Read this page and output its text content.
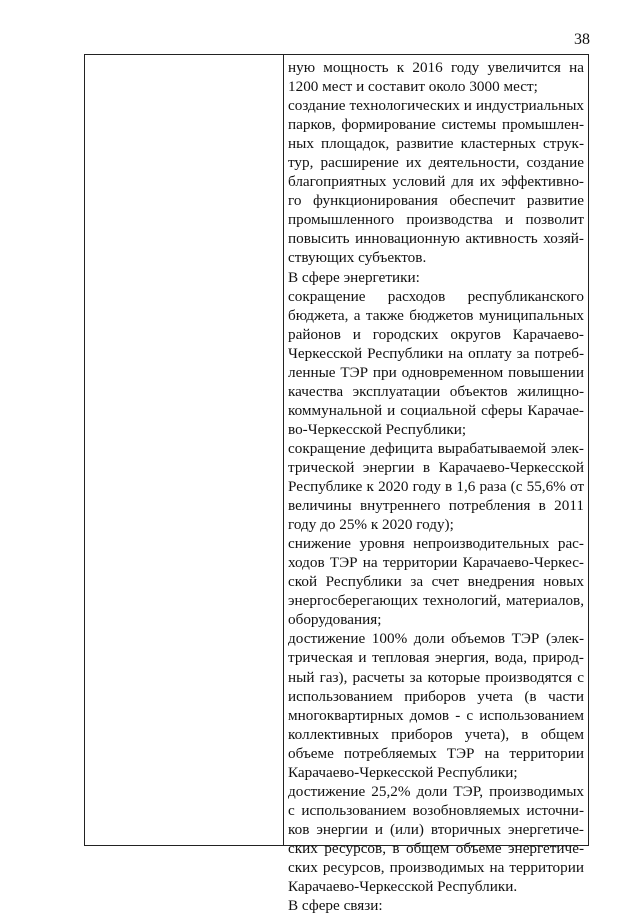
38
ную мощность к 2016 году увеличится на
1200 мест и составит около 3000 мест;
создание технологических и индустриальных
парков, формирование системы промышлен-
ных площадок, развитие кластерных струк-
тур, расширение их деятельности, создание
благоприятных условий для их эффективно-
го функционирования обеспечит развитие
промышленного производства и позволит
повысить инновационную активность хозяй-
ствующих субъектов.
В сфере энергетики:
сокращение расходов республиканского
бюджета, а также бюджетов муниципальных
районов и городских округов Карачаево-
Черкесской Республики на оплату за потреб-
ленные ТЭР при одновременном повышении
качества эксплуатации объектов жилищно-
коммунальной и социальной сферы Карачае-
во-Черкесской Республики;
сокращение дефицита вырабатываемой элек-
трической энергии в Карачаево-Черкесской
Республике к 2020 году в 1,6 раза (с 55,6% от
величины внутреннего потребления в 2011
году до 25% к 2020 году);
снижение уровня непроизводительных рас-
ходов ТЭР на территории Карачаево-Черкес-
ской Республики за счет внедрения новых
энергосберегающих технологий, материалов,
оборудования;
достижение 100% доли объемов ТЭР (элек-
трическая и тепловая энергия, вода, природ-
ный газ), расчеты за которые производятся с
использованием приборов учета (в части
многоквартирных домов - с использованием
коллективных приборов учета), в общем
объеме потребляемых ТЭР на территории
Карачаево-Черкесской Республики;
достижение 25,2% доли ТЭР, производимых
с использованием возобновляемых источни-
ков энергии и (или) вторичных энергетиче-
ских ресурсов, в общем объеме энергетиче-
ских ресурсов, производимых на территории
Карачаево-Черкесской Республики.
В сфере связи:
